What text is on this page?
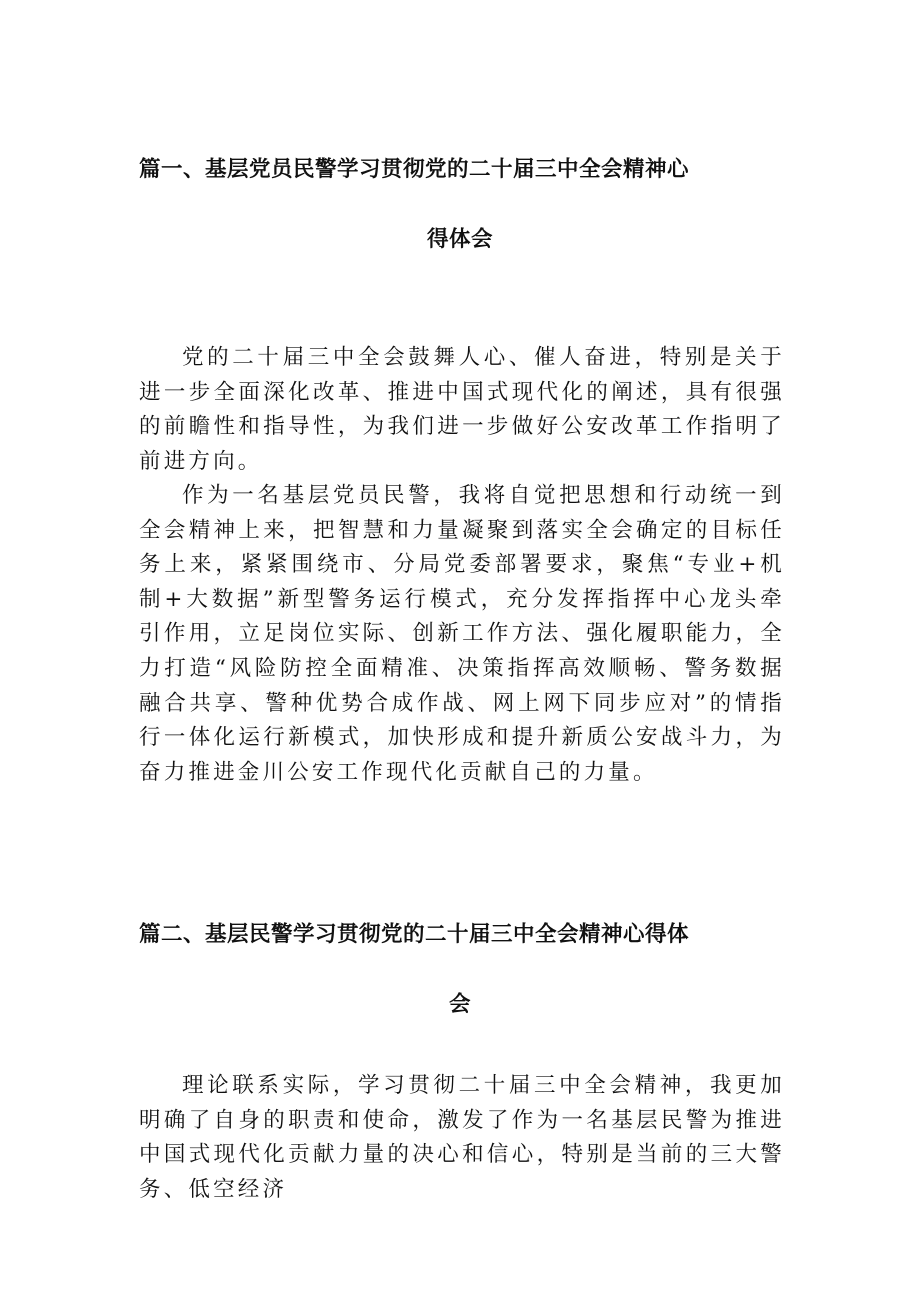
篇一、基层党员民警学习贯彻党的二十届三中全会精神心
得体会

党的二十届三中全会鼓舞人心、催人奋进，特别是关于进一步全面深化改革、推进中国式现代化的阐述，具有很强的前瞻性和指导性，为我们进一步做好公安改革工作指明了前进方向。

作为一名基层党员民警，我将自觉把思想和行动统一到全会精神上来，把智慧和力量凝聚到落实全会确定的目标任务上来，紧紧围绕市、分局党委部署要求，聚焦“专业+机制+大数据”新型警务运行模式，充分发挥指挥中心龙头牵引作用，立足岗位实际、创新工作方法、强化履职能力，全力打造“风险防控全面精准、决策指挥高效顺畅、警务数据融合共享、警种优势合成作战、网上网下同步应对”的情指行一体化运行新模式，加快形成和提升新质公安战斗力，为奋力推进金川公安工作现代化贡献自己的力量。

篇二、基层民警学习贯彻党的二十届三中全会精神心得体
会

理论联系实际，学习贯彻二十届三中全会精神，我更加明确了自身的职责和使命，激发了作为一名基层民警为推进中国式现代化贡献力量的决心和信心，特别是当前的三大警务、低空经济
